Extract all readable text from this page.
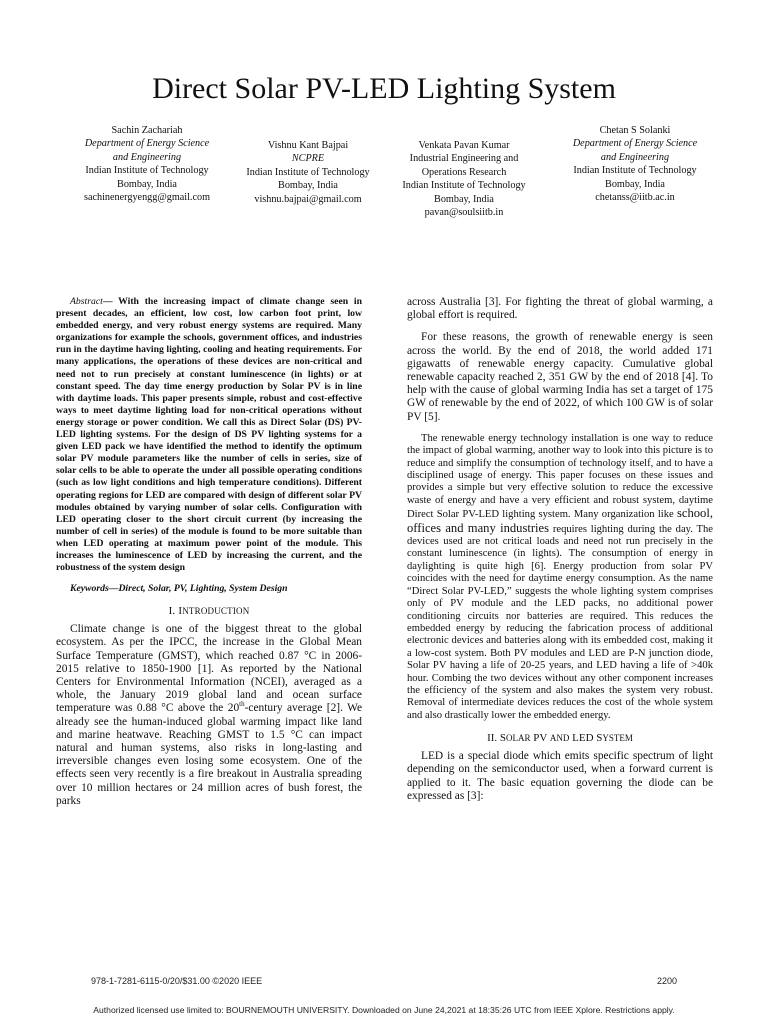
Direct Solar PV-LED Lighting System
Sachin Zachariah
Department of Energy Science
and Engineering
Indian Institute of Technology
Bombay, India
sachinenergyengg@gmail.com
Vishnu Kant Bajpai
NCPRE
Indian Institute of Technology
Bombay, India
vishnu.bajpai@gmail.com
Venkata Pavan Kumar
Industrial Engineering and
Operations Research
Indian Institute of Technology
Bombay, India
pavan@soulsiitb.in
Chetan S Solanki
Department of Energy Science
and Engineering
Indian Institute of Technology
Bombay, India
chetanss@iitb.ac.in

Abstract— With the increasing impact of climate change seen in present decades, an efficient, low cost, low carbon foot print, low embedded energy, and very robust energy systems are required. Many organizations for example the schools, government offices, and industries run in the daytime having lighting, cooling and heating requirements. For many applications, the operations of these devices are non-critical and need not to run precisely at constant luminescence (in lights) or at constant speed. The day time energy production by Solar PV is in line with daytime loads. This paper presents simple, robust and cost-effective ways to meet daytime lighting load for non-critical operations without energy storage or power condition. We call this as Direct Solar (DS) PV-LED lighting systems. For the design of DS PV lighting systems for a given LED pack we have identified the method to identify the optimum solar PV module parameters like the number of cells in series, size of solar cells to be able to operate the under all possible operating conditions (such as low light conditions and high temperature conditions). Different operating regions for LED are compared with design of different solar PV modules obtained by varying number of solar cells. Configuration with LED operating closer to the short circuit current (by increasing the number of cell in series) of the module is found to be more suitable than when LED operating at maximum power point of the module. This increases the luminescence of LED by increasing the current, and the robustness of the system design

Keywords—Direct, Solar, PV, Lighting, System Design

I. INTRODUCTION

Climate change is one of the biggest threat to the global ecosystem. As per the IPCC, the increase in the Global Mean Surface Temperature (GMST), which reached 0.87 °C in 2006-2015 relative to 1850-1900 [1]. As reported by the National Centers for Environmental Information (NCEI), averaged as a whole, the January 2019 global land and ocean surface temperature was 0.88 °C above the 20th-century average [2]. We already see the human-induced global warming impact like land and marine heatwave. Reaching GMST to 1.5 °C can impact natural and human systems, also risks in long-lasting and irreversible changes even losing some ecosystem. One of the effects seen very recently is a fire breakout in Australia spreading over 10 million hectares or 24 million acres of bush forest, the parks

across Australia [3]. For fighting the threat of global warming, a global effort is required.

For these reasons, the growth of renewable energy is seen across the world. By the end of 2018, the world added 171 gigawatts of renewable energy capacity. Cumulative global renewable capacity reached 2, 351 GW by the end of 2018 [4]. To help with the cause of global warming India has set a target of 175 GW of renewable by the end of 2022, of which 100 GW is of solar PV [5].

The renewable energy technology installation is one way to reduce the impact of global warming, another way to look into this picture is to reduce and simplify the consumption of technology itself, and to have a disciplined usage of energy. This paper focuses on these issues and provides a simple but very effective solution to reduce the excessive waste of energy and have a very efficient and robust system, daytime Direct Solar PV-LED lighting system. Many organization like school, offices and many industries requires lighting during the day. The devices used are not critical loads and need not run precisely in the constant luminescence (in lights). The consumption of energy in daylighting is quite high [6]. Energy production from solar PV coincides with the need for daytime energy consumption. As the name “Direct Solar PV-LED,” suggests the whole lighting system comprises only of PV module and the LED packs, no additional power conditioning circuits nor batteries are required. This reduces the embedded energy by reducing the fabrication process of additional electronic devices and batteries along with its embedded cost, making it a low-cost system. Both PV modules and LED are P-N junction diode, Solar PV having a life of 20-25 years, and LED having a life of >40k hour. Combing the two devices without any other component increases the efficiency of the system and also makes the system very robust. Removal of intermediate devices reduces the cost of the whole system and also drastically lower the embedded energy.

II. SOLAR PV AND LED SYSTEM

LED is a special diode which emits specific spectrum of light depending on the semiconductor used, when a forward current is applied to it. The basic equation governing the diode can be expressed as [3]:

978-1-7281-6115-0/20/$31.00 ©2020 IEEE	2200
Authorized licensed use limited to: BOURNEMOUTH UNIVERSITY. Downloaded on June 24,2021 at 18:35:26 UTC from IEEE Xplore. Restrictions apply.
